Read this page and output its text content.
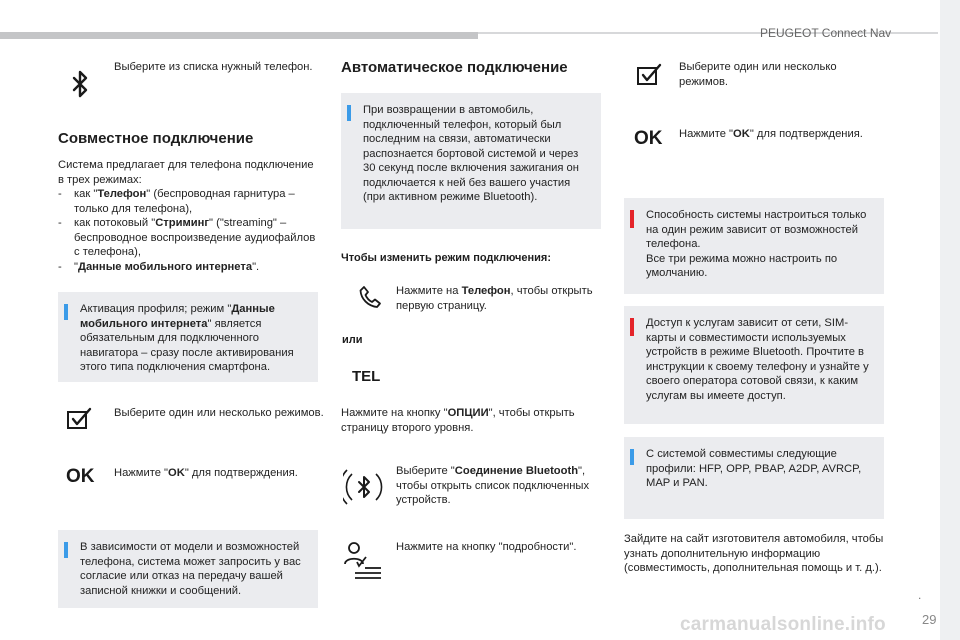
PEUGEOT Connect Nav
Выберите из списка нужный телефон.
Совместное подключение
Система предлагает для телефона подключение в трех режимах:
- как "Телефон" (беспроводная гарнитура – только для телефона),
- как потоковый "Стриминг" ("streaming" – беспроводное воспроизведение аудиофайлов с телефона),
- "Данные мобильного интернета".
Активация профиля; режим "Данные мобильного интернета" является обязательным для подключенного навигатора – сразу после активирования этого типа подключения смартфона.
Выберите один или несколько режимов.
OK Нажмите "OK" для подтверждения.
В зависимости от модели и возможностей телефона, система может запросить у вас согласие или отказ на передачу вашей записной книжки и сообщений.
Автоматическое подключение
При возвращении в автомобиль, подключенный телефон, который был последним на связи, автоматически распознается бортовой системой и через 30 секунд после включения зажигания он подключается к ней без вашего участия (при активном режиме Bluetooth).
Чтобы изменить режим подключения:
Нажмите на Телефон, чтобы открыть первую страницу.
или
TEL
Нажмите на кнопку "ОПЦИИ", чтобы открыть страницу второго уровня.
Выберите "Соединение Bluetooth", чтобы открыть список подключенных устройств.
Нажмите на кнопку "подробности".
Выберите один или несколько режимов.
OK Нажмите "OK" для подтверждения.
Способность системы настроиться только на один режим зависит от возможностей телефона.
Все три режима можно настроить по умолчанию.
Доступ к услугам зависит от сети, SIM-карты и совместимости используемых устройств в режиме Bluetooth. Прочтите в инструкции к своему телефону и узнайте у своего оператора сотовой связи, к каким услугам вы имеете доступ.
С системой совместимы следующие профили: HFP, OPP, PBAP, A2DP, AVRCP, MAP и PAN.
Зайдите на сайт изготовителя автомобиля, чтобы узнать дополнительную информацию (совместимость, дополнительная помощь и т. д.).
carmanualsonline.info
.
29
